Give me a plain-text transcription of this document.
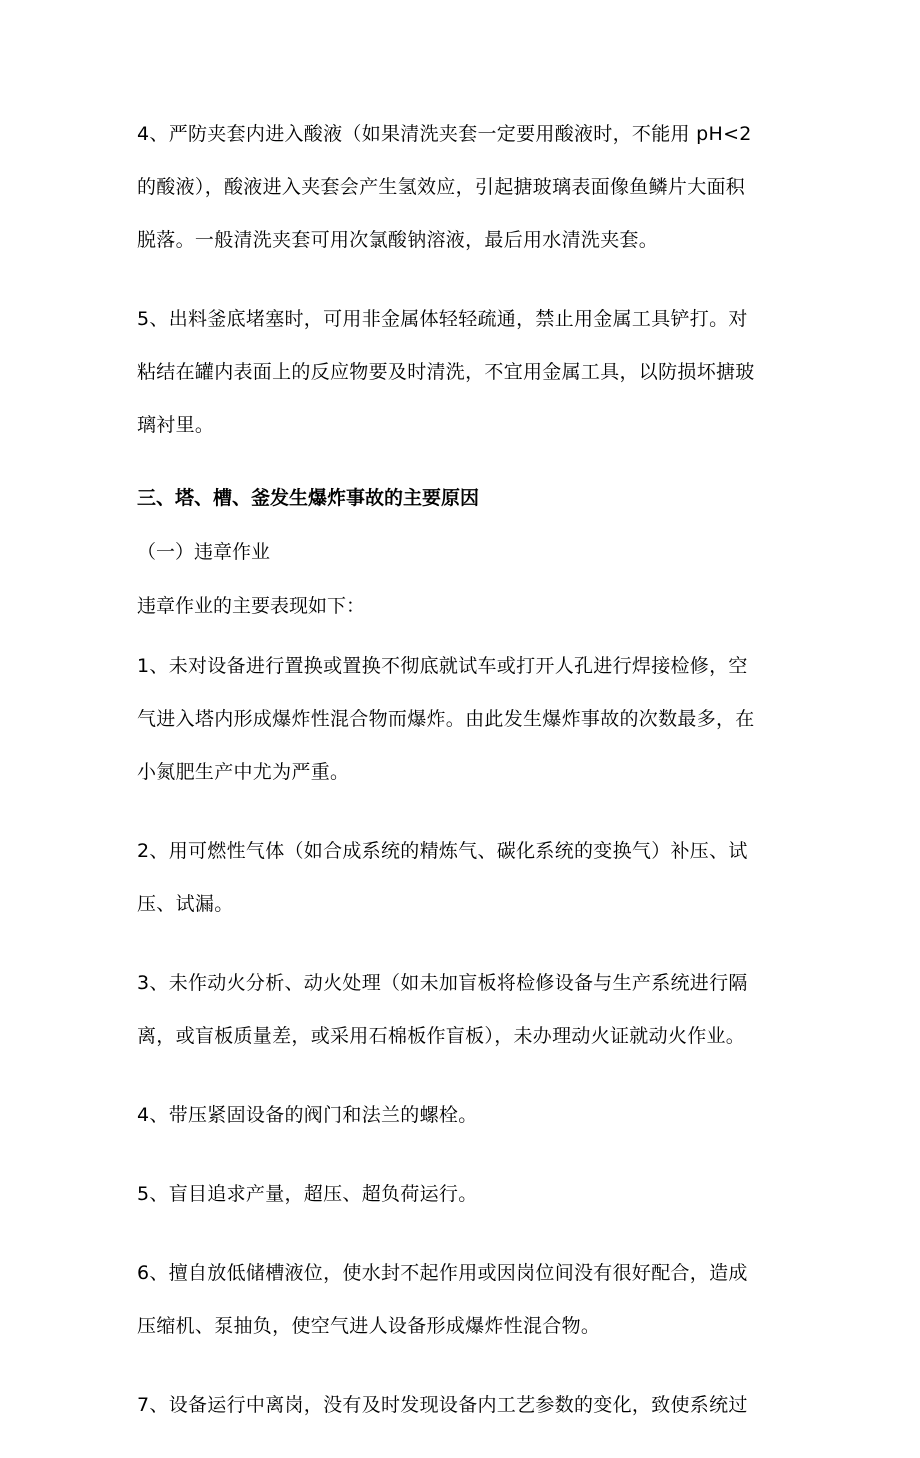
4、严防夹套内进入酸液（如果清洗夹套一定要用酸液时，不能用 pH<2
的酸液），酸液进入夹套会产生氢效应，引起搪玻璃表面像鱼鳞片大面积
脱落。一般清洗夹套可用次氯酸钠溶液，最后用水清洗夹套。
5、出料釜底堵塞时，可用非金属体轻轻疏通，禁止用金属工具铲打。对
粘结在罐内表面上的反应物要及时清洗，不宜用金属工具，以防损坏搪玻
璃衬里。
三、塔、槽、釜发生爆炸事故的主要原因
（一）违章作业
违章作业的主要表现如下：
1、未对设备进行置换或置换不彻底就试车或打开人孔进行焊接检修，空
气进入塔内形成爆炸性混合物而爆炸。由此发生爆炸事故的次数最多，在
小氮肥生产中尤为严重。
2、用可燃性气体（如合成系统的精炼气、碳化系统的变换气）补压、试
压、试漏。
3、未作动火分析、动火处理（如未加盲板将检修设备与生产系统进行隔
离，或盲板质量差，或采用石棉板作盲板），未办理动火证就动火作业。
4、带压紧固设备的阀门和法兰的螺栓。
5、盲目追求产量，超压、超负荷运行。
6、擅自放低储槽液位，使水封不起作用或因岗位间没有很好配合，造成
压缩机、泵抽负，使空气进人设备形成爆炸性混合物。
7、设备运行中离岗，没有及时发现设备内工艺参数的变化，致使系统过
